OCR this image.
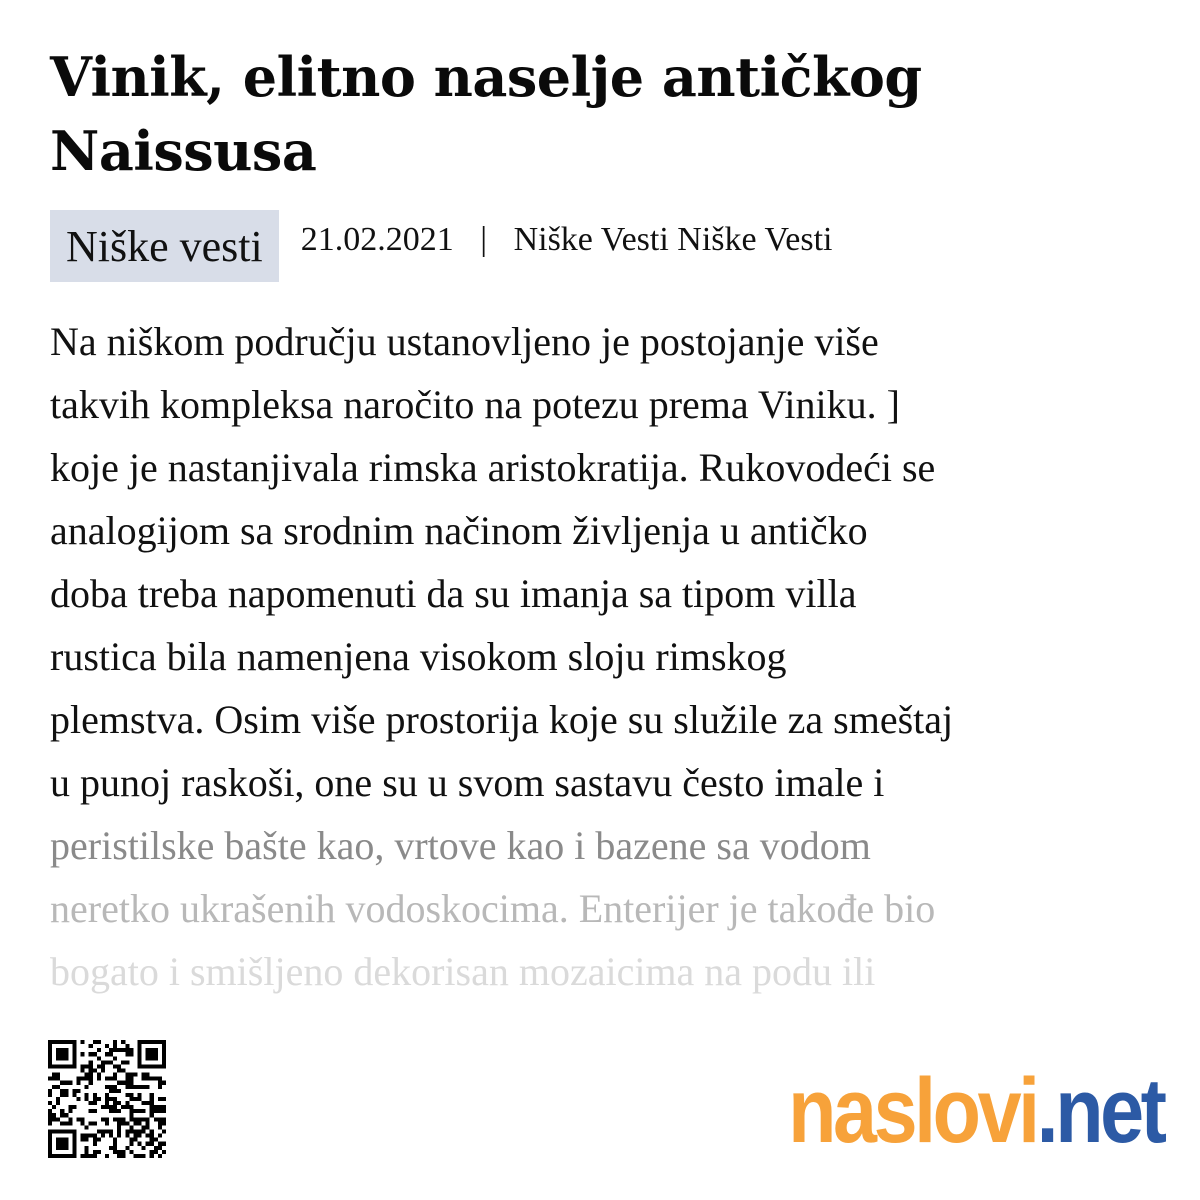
Vinik, elitno naselje antičkog Naissusa
Niške vesti	21.02.2021 | Niške Vesti Niške Vesti
Na niškom području ustanovljeno je postojanje više
takvih kompleksa naročito na potezu prema Viniku. ]
koje je nastanjivala rimska aristokratija. Rukovodeći se
analogijom sa srodnim načinom življenja u antičko
doba treba napomenuti da su imanja sa tipom villa
rustica bila namenjena visokom sloju rimskog
plemstva. Osim više prostorija koje su služile za smeštaj
u punoj raskoši, one su u svom sastavu često imale i
peristilske bašte kao, vrtove kao i bazene sa vodom
neretko ukrašenih vodoskocima. Enterijer je takođe bio
bogato i smišljeno dekorisan mozaicima na podu ili
naslovi.net
